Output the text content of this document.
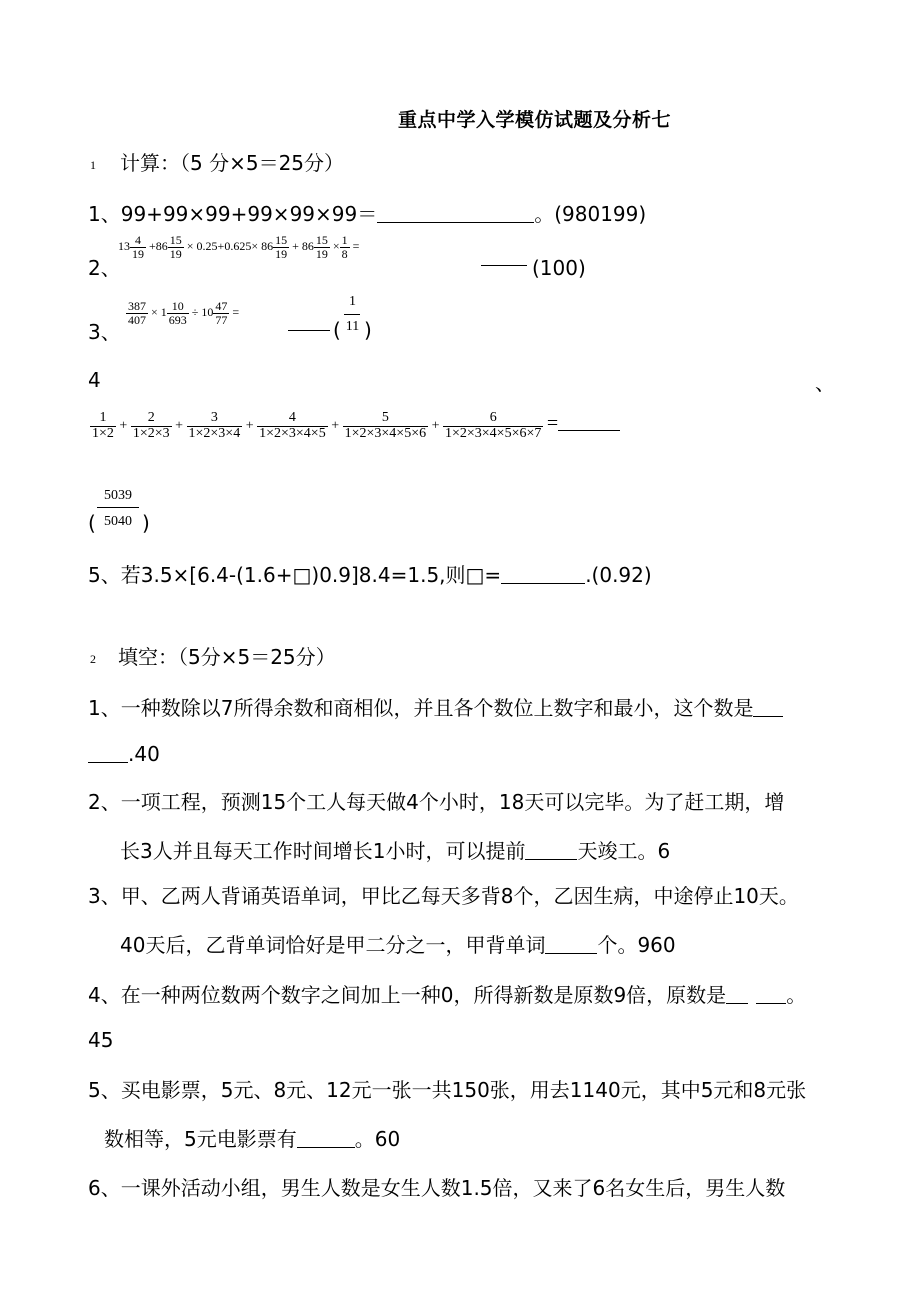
重点中学入学模仿试题及分析七
1 计算：（5 分×5＝25分）
1、99+99×99+99×99×99＝	。(980199)
2、
$13 \frac{4}{19} +86 \frac{15}{19} \times 0.25+0.625\times 86 \frac{15}{19} + 86 \frac{15}{19} \times \frac{1}{8}$ =
(100)
3、
$\frac{387}{407} \times 1 \frac{10}{693} \div 10 \frac{47}{77}$ =
(
1
11 )
4	、
$\frac{1}{1\times 2} + \frac{2}{1\times 2\times 3} + \frac{3}{1\times 2\times 3\times 4} + \frac{4}{1\times 2\times 3\times 4\times 5} + \frac{5}{1\times 2\times 3\times 4\times 5\times 6} + \frac{6}{1\times 2\times 3\times 4\times 5\times 6\times 7}$ =
(
5039
5040 )
5、若3.5×[6.4-(1.6+□)0.9]8.4=1.5,则□=	.(0.92)
2 填空：（5分×5＝25分）
1、一种数除以7所得余数和商相似，并且各个数位上数字和最小，这个数是
.40
2、一项工程，预测15个工人每天做4个小时，18天可以完毕。为了赶工期，增
长3人并且每天工作时间增长1小时，可以提前	天竣工。6
3、甲、乙两人背诵英语单词，甲比乙每天多背8个，乙因生病，中途停止10天。
40天后，乙背单词恰好是甲二分之一，甲背单词	个。960
4、在一种两位数两个数字之间加上一种0，所得新数是原数9倍，原数是	。
45
5、买电影票，5元、8元、12元一张一共150张，用去1140元，其中5元和8元张
数相等，5元电影票有	。60
6、一课外活动小组，男生人数是女生人数1.5倍，又来了6名女生后，男生人数
